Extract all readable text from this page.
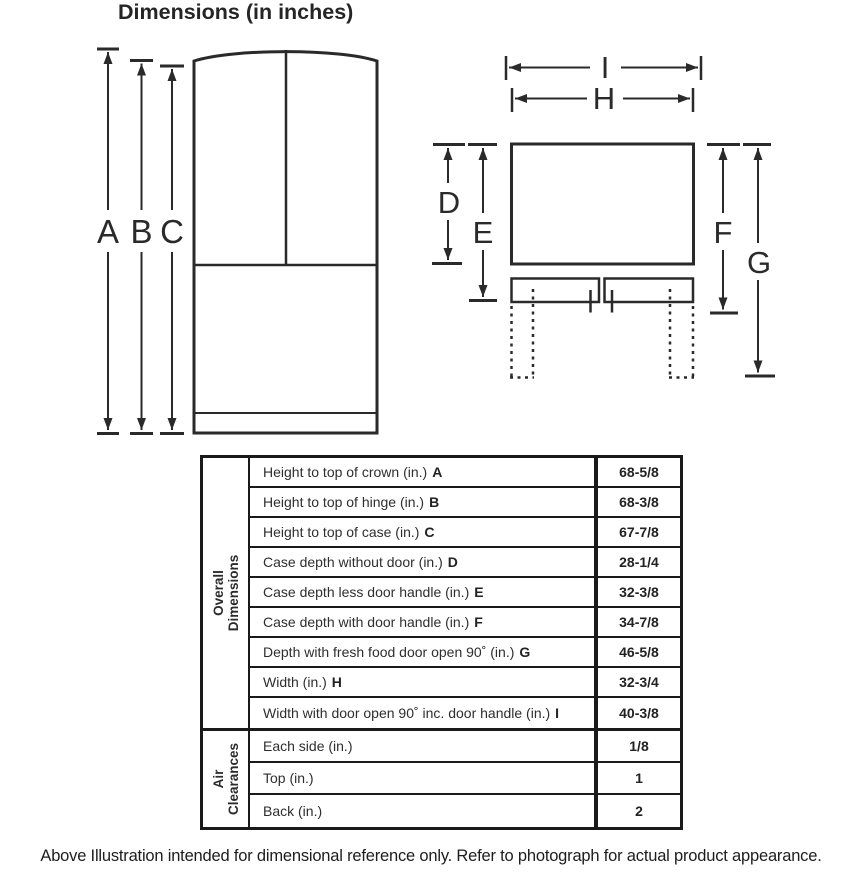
Dimensions (in inches)
A B C
I
H
D
E	F
G
Overall Dimensions
Height to top of crown (in.) A	68-5/8
Height to top of hinge (in.) B	68-3/8
Height to top of case (in.) C	67-7/8
Case depth without door (in.) D	28-1/4
Case depth less door handle (in.) E	32-3/8
Case depth with door handle (in.) F	34-7/8
Depth with fresh food door open 90˚ (in.) G	46-5/8
Width (in.) H	32-3/4
Width with door open 90˚ inc. door handle (in.) I	40-3/8
Air Clearances Each side (in.)	1/8
Top (in.)	1
Back (in.)	2
Above Illustration intended for dimensional reference only. Refer to photograph for actual product appearance.
